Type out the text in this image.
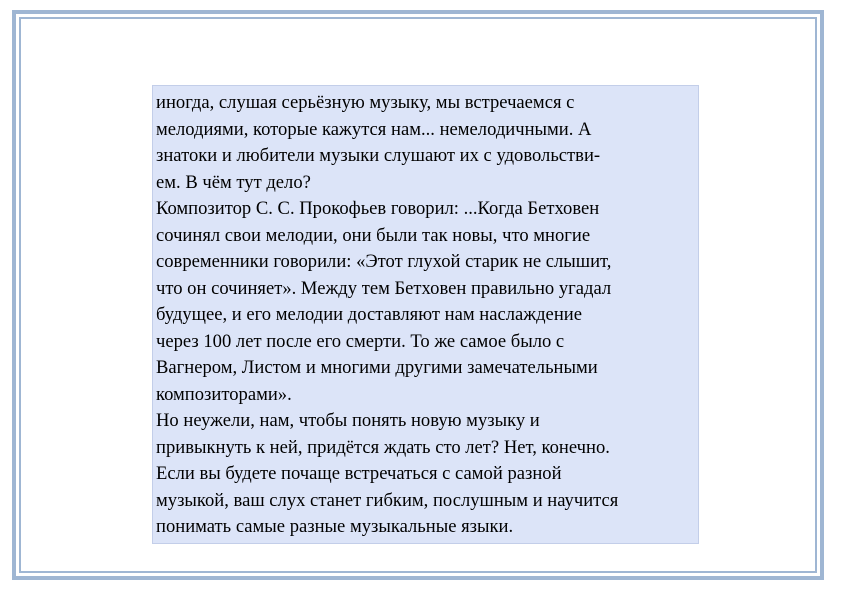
иногда, слушая серьёзную музыку, мы встречаемся с
мелодиями, которые кажутся нам... немелодичными. А
знатоки и любители музыки слушают их с удовольстви-
ем. В чём тут дело?
Композитор С. С. Прокофьев говорил: ...Когда Бетховен
сочинял свои мелодии, они были так новы, что многие
современники говорили: «Этот глухой старик не слышит,
что он сочиняет». Между тем Бетховен правильно угадал
будущее, и его мелодии доставляют нам наслаждение
через 100 лет после его смерти. То же самое было с
Вагнером, Листом и многими другими замечательными
композиторами».
Но неужели, нам, чтобы понять новую музыку и
привыкнуть к ней, придётся ждать сто лет? Нет, конечно.
Если вы будете почаще встречаться с самой разной
музыкой, ваш слух станет гибким, послушным и научится
понимать самые разные музыкальные языки.
